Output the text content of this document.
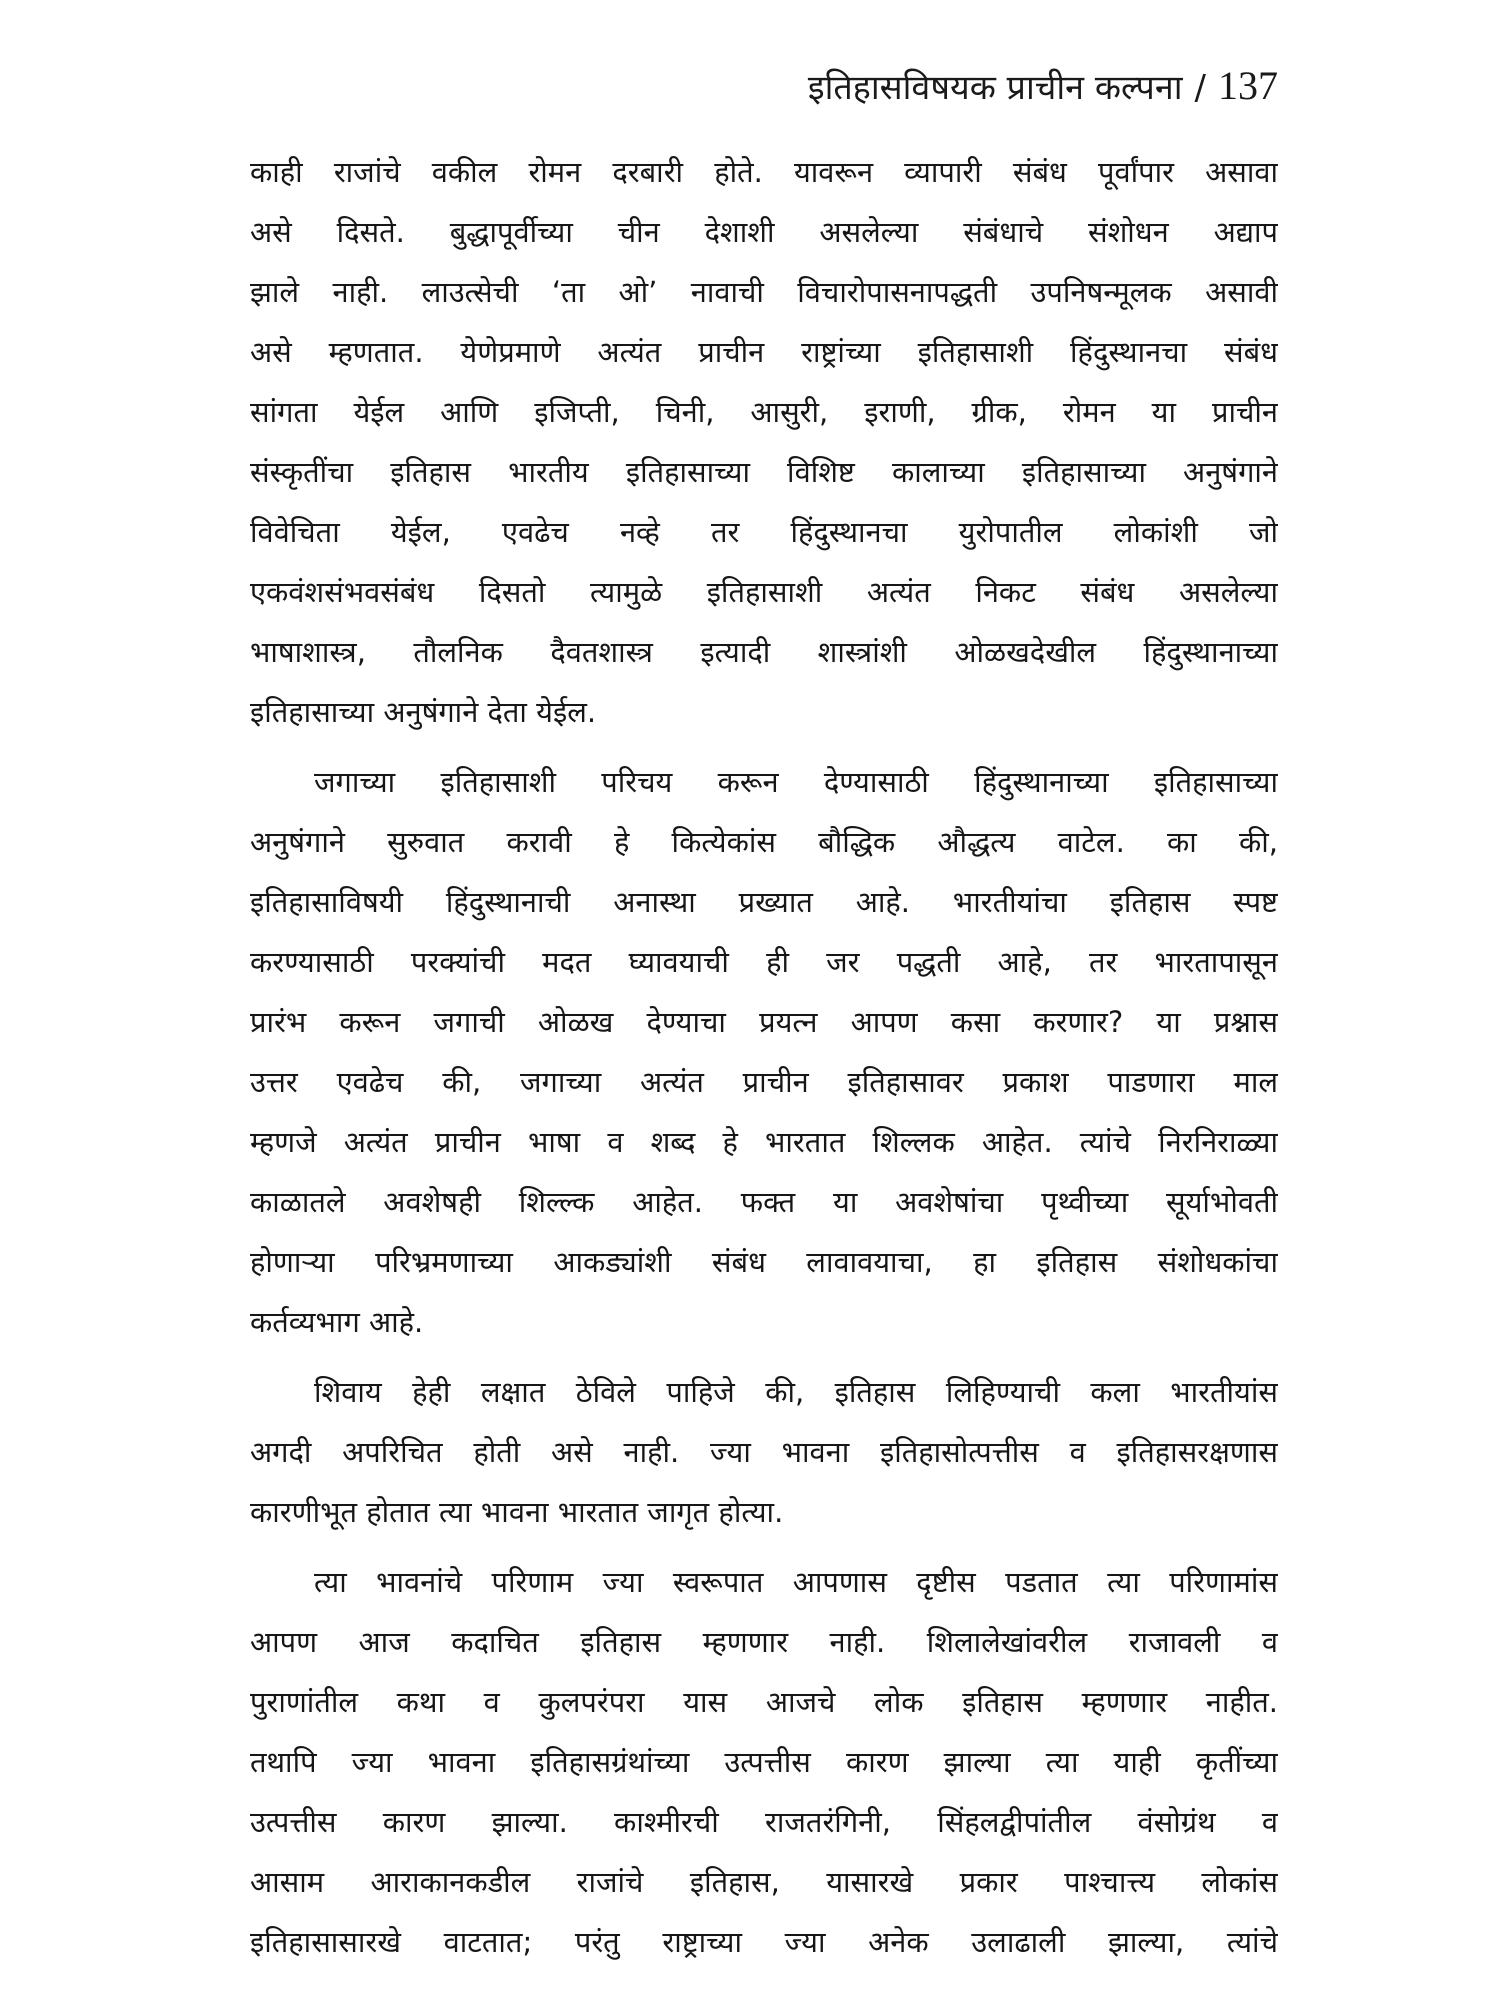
इतिहासविषयक प्राचीन कल्पना / 137
काही राजांचे वकील रोमन दरबारी होते. यावरून व्यापारी संबंध पूर्वांपार असावा
असे दिसते. बुद्धापूर्वीच्या चीन देशाशी असलेल्या संबंधाचे संशोधन अद्याप
झाले नाही. लाउत्सेची ‘ता ओ’ नावाची विचारोपासनापद्धती उपनिषन्मूलक असावी
असे म्हणतात. येणेप्रमाणे अत्यंत प्राचीन राष्ट्रांच्या इतिहासाशी हिंदुस्थानचा संबंध
सांगता येईल आणि इजिप्ती, चिनी, आसुरी, इराणी, ग्रीक, रोमन या प्राचीन
संस्कृतींचा इतिहास भारतीय इतिहासाच्या विशिष्ट कालाच्या इतिहासाच्या अनुषंगाने
विवेचिता येईल, एवढेच नव्हे तर हिंदुस्थानचा युरोपातील लोकांशी जो
एकवंशसंभवसंबंध दिसतो त्यामुळे इतिहासाशी अत्यंत निकट संबंध असलेल्या
भाषाशास्त्र, तौलनिक दैवतशास्त्र इत्यादी शास्त्रांशी ओळखदेखील हिंदुस्थानाच्या
इतिहासाच्या अनुषंगाने देता येईल.
जगाच्या इतिहासाशी परिचय करून देण्यासाठी हिंदुस्थानाच्या इतिहासाच्या
अनुषंगाने सुरुवात करावी हे कित्येकांस बौद्धिक औद्धत्य वाटेल. का की,
इतिहासाविषयी हिंदुस्थानाची अनास्था प्रख्यात आहे. भारतीयांचा इतिहास स्पष्ट
करण्यासाठी परक्यांची मदत घ्यावयाची ही जर पद्धती आहे, तर भारतापासून
प्रारंभ करून जगाची ओळख देण्याचा प्रयत्न आपण कसा करणार? या प्रश्नास
उत्तर एवढेच की, जगाच्या अत्यंत प्राचीन इतिहासावर प्रकाश पाडणारा माल
म्हणजे अत्यंत प्राचीन भाषा व शब्द हे भारतात शिल्लक आहेत. त्यांचे निरनिराळ्या
काळातले अवशेषही शिल्ल्क आहेत. फक्त या अवशेषांचा पृथ्वीच्या सूर्याभोवती
होणाऱ्या परिभ्रमणाच्या आकड्यांशी संबंध लावावयाचा, हा इतिहास संशोधकांचा
कर्तव्यभाग आहे.
शिवाय हेही लक्षात ठेविले पाहिजे की, इतिहास लिहिण्याची कला भारतीयांस
अगदी अपरिचित होती असे नाही. ज्या भावना इतिहासोत्पत्तीस व इतिहासरक्षणास
कारणीभूत होतात त्या भावना भारतात जागृत होत्या.
त्या भावनांचे परिणाम ज्या स्वरूपात आपणास दृष्टीस पडतात त्या परिणामांस
आपण आज कदाचित इतिहास म्हणणार नाही. शिलालेखांवरील राजावली व
पुराणांतील कथा व कुलपरंपरा यास आजचे लोक इतिहास म्हणणार नाहीत.
तथापि ज्या भावना इतिहासग्रंथांच्या उत्पत्तीस कारण झाल्या त्या याही कृतींच्या
उत्पत्तीस कारण झाल्या. काश्मीरची राजतरंगिनी, सिंहलद्वीपांतील वंसोग्रंथ व
आसाम आराकानकडील राजांचे इतिहास, यासारखे प्रकार पाश्चात्त्य लोकांस
इतिहासासारखे वाटतात; परंतु राष्ट्राच्या ज्या अनेक उलाढाली झाल्या, त्यांचे
